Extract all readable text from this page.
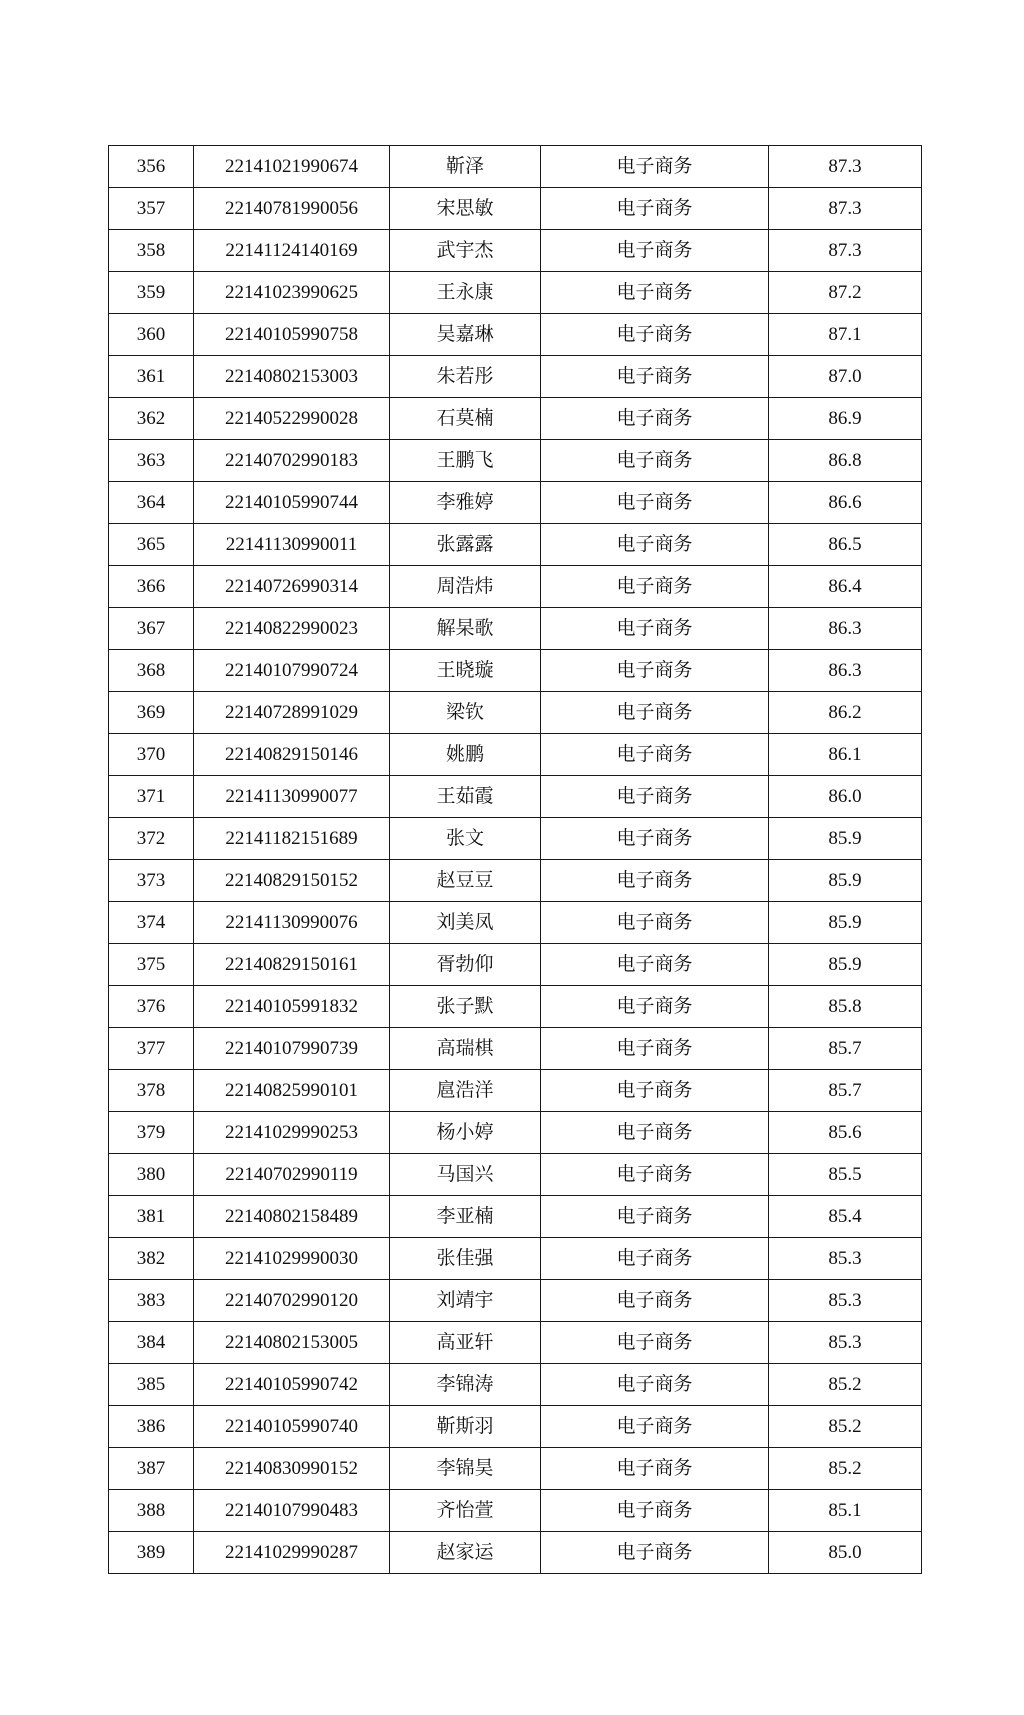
356	22141021990674	靳泽	电子商务	87.3
357	22140781990056	宋思敏	电子商务	87.3
358	22141124140169	武宇杰	电子商务	87.3
359	22141023990625	王永康	电子商务	87.2
360	22140105990758	吴嘉琳	电子商务	87.1
361	22140802153003	朱若彤	电子商务	87.0
362	22140522990028	石莫楠	电子商务	86.9
363	22140702990183	王鹏飞	电子商务	86.8
364	22140105990744	李雅婷	电子商务	86.6
365	22141130990011	张露露	电子商务	86.5
366	22140726990314	周浩炜	电子商务	86.4
367	22140822990023	解杲歌	电子商务	86.3
368	22140107990724	王晓璇	电子商务	86.3
369	22140728991029	梁钦	电子商务	86.2
370	22140829150146	姚鹏	电子商务	86.1
371	22141130990077	王茹霞	电子商务	86.0
372	22141182151689	张文	电子商务	85.9
373	22140829150152	赵豆豆	电子商务	85.9
374	22141130990076	刘美凤	电子商务	85.9
375	22140829150161	胥勃仰	电子商务	85.9
376	22140105991832	张子默	电子商务	85.8
377	22140107990739	高瑞棋	电子商务	85.7
378	22140825990101	扈浩洋	电子商务	85.7
379	22141029990253	杨小婷	电子商务	85.6
380	22140702990119	马国兴	电子商务	85.5
381	22140802158489	李亚楠	电子商务	85.4
382	22141029990030	张佳强	电子商务	85.3
383	22140702990120	刘靖宇	电子商务	85.3
384	22140802153005	高亚轩	电子商务	85.3
385	22140105990742	李锦涛	电子商务	85.2
386	22140105990740	靳斯羽	电子商务	85.2
387	22140830990152	李锦昊	电子商务	85.2
388	22140107990483	齐怡萱	电子商务	85.1
389	22141029990287	赵家运	电子商务	85.0
